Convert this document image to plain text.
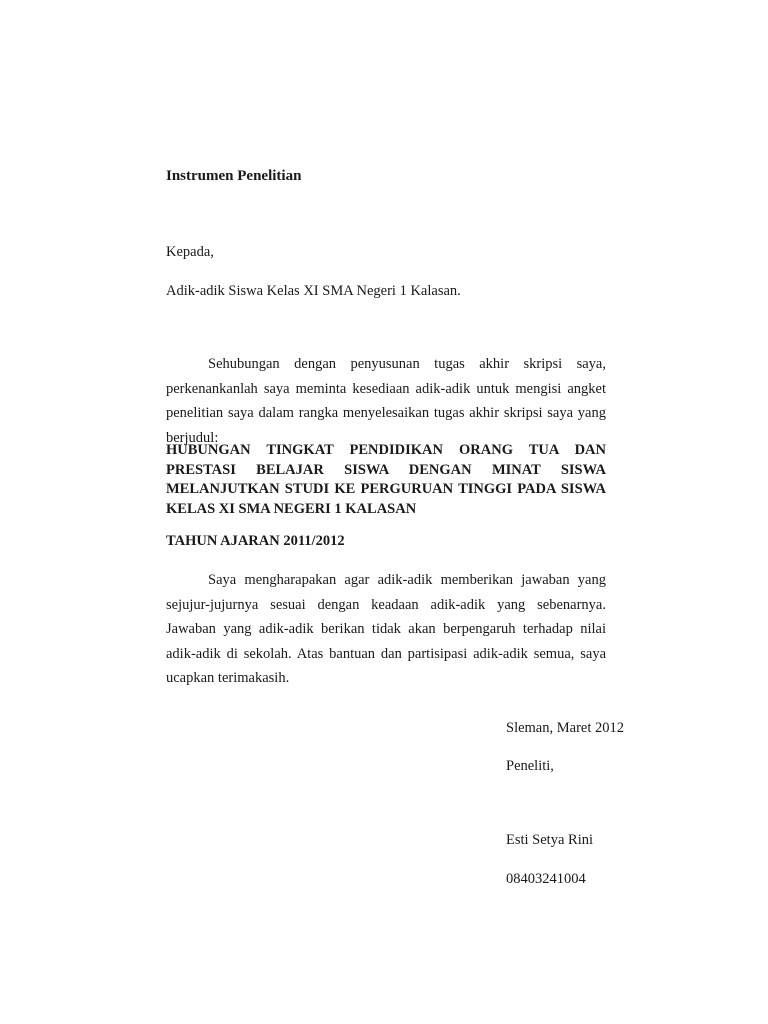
Instrumen Penelitian

Kepada,

Adik-adik Siswa Kelas XI SMA Negeri 1 Kalasan.

Sehubungan dengan penyusunan tugas akhir skripsi saya, perkenankanlah saya meminta kesediaan adik-adik untuk mengisi angket penelitian saya dalam rangka menyelesaikan tugas akhir skripsi saya yang berjudul:

HUBUNGAN TINGKAT PENDIDIKAN ORANG TUA DAN PRESTASI BELAJAR SISWA DENGAN MINAT SISWA MELANJUTKAN STUDI KE PERGURUAN TINGGI PADA SISWA KELAS XI SMA NEGERI 1 KALASAN

TAHUN AJARAN 2011/2012

Saya mengharapakan agar adik-adik memberikan jawaban yang sejujur-jujurnya sesuai dengan keadaan adik-adik yang sebenarnya. Jawaban yang adik-adik berikan tidak akan berpengaruh terhadap nilai adik-adik di sekolah. Atas bantuan dan partisipasi adik-adik semua, saya ucapkan terimakasih.

Sleman, Maret 2012

Peneliti,

Esti Setya Rini

08403241004
